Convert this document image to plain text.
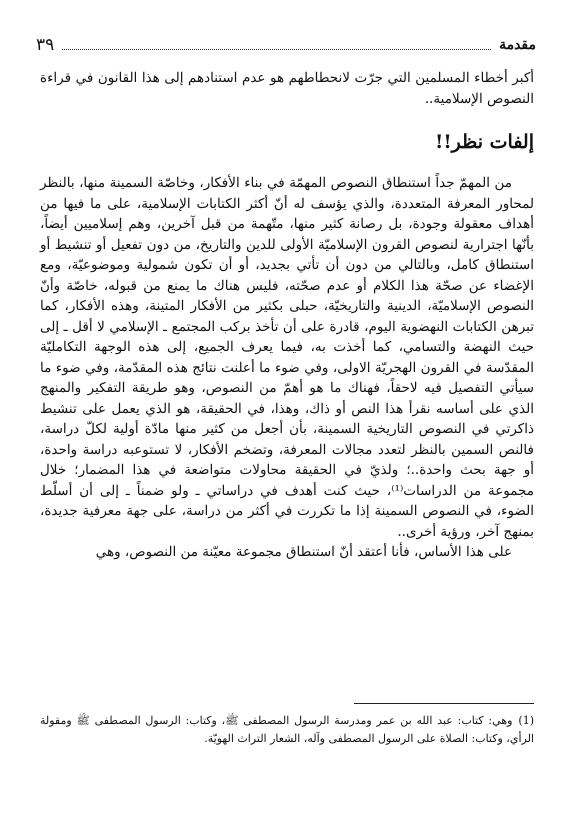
مقدمة
٣٩

أكبر أخطاء المسلمين التي جرّت لانحطاطهم هو عدم استنادهم إلى هذا القانون في قراءة النصوص الإسلامية..

إلفات نظر!!

من المهمّ جداً استنطاق النصوص المهمّة في بناء الأفكار، وخاصّة السمينة منها، بالنظر لمحاور المعرفة المتعددة، والذي يؤسف له أنّ أكثر الكتابات الإسلامية، على ما فيها من أهداف معقولة وجودة، بل رصانة كثير منها، متّهمة من قبل آخرين، وهم إسلاميين أيضاً، بأنّها اجترارية لنصوص القرون الإسلاميّة الأولى للدين والتاريخ، من دون تفعيل أو تنشيط أو استنطاق كامل، وبالتالي من دون أن تأتي بجديد، أو أن تكون شمولية وموضوعيّة، ومع الإغضاء عن صحّة هذا الكلام أو عدم صحّته، فليس هناك ما يمنع من قبوله، خاصّة وأنّ النصوص الإسلاميّة، الدينية والتاريخيّة، حبلى بكثير من الأفكار المتينة، وهذه الأفكار، كما تبرهن الكتابات النهضوية اليوم، قادرة على أن تأخذ بركب المجتمع ـ الإسلامي لا أقل ـ إلى حيث النهضة والتسامي، كما أخذت به، فيما يعرف الجميع، إلى هذه الوجهة التكامليّة المقدّسة في القرون الهجريّة الاولى، وفي ضوء ما أعلنت نتائج هذه المقدّمة، وفي ضوء ما سيأتي التفصيل فيه لاحقاً، فهناك ما هو أهمّ من النصوص، وهو طريقة التفكير والمنهج الذي على أساسه نقرأ هذا النص أو ذاك، وهذا، في الحقيقة، هو الذي يعمل على تنشيط ذاكرتي في النصوص التاريخية السمينة، بأن أجعل من كثير منها مادّة أولية لكلّ دراسة، فالنص السمين بالنظر لتعدد مجالات المعرفة، وتضخم الأفكار، لا تستوعبه دراسة واحدة، أو جهة بحث واحدة..؛ ولذيّ في الحقيقة محاولات متواضعة في هذا المضمار؛ خلال مجموعة من الدراسات⁽¹⁾، حيث كنت أهدف في دراساتي ـ ولو ضمناً ـ إلى أن أسلّط الضوء، في النصوص السمينة إذا ما تكررت في أكثر من دراسة، على جهة معرفية جديدة، بمنهج آخر، ورؤية أخرى..

على هذا الأساس، فأنا أعتقد أنّ استنطاق مجموعة معيّنة من النصوص، وهي

(1)وهي: كتاب: عبد الله بن عمر ومدرسة الرسول المصطفى ﷺ، وكتاب: الرسول المصطفى ﷺ ومقولة الرأي، وكتاب: الصلاة على الرسول المصطفى وآله، الشعار التراث الهويّة.
